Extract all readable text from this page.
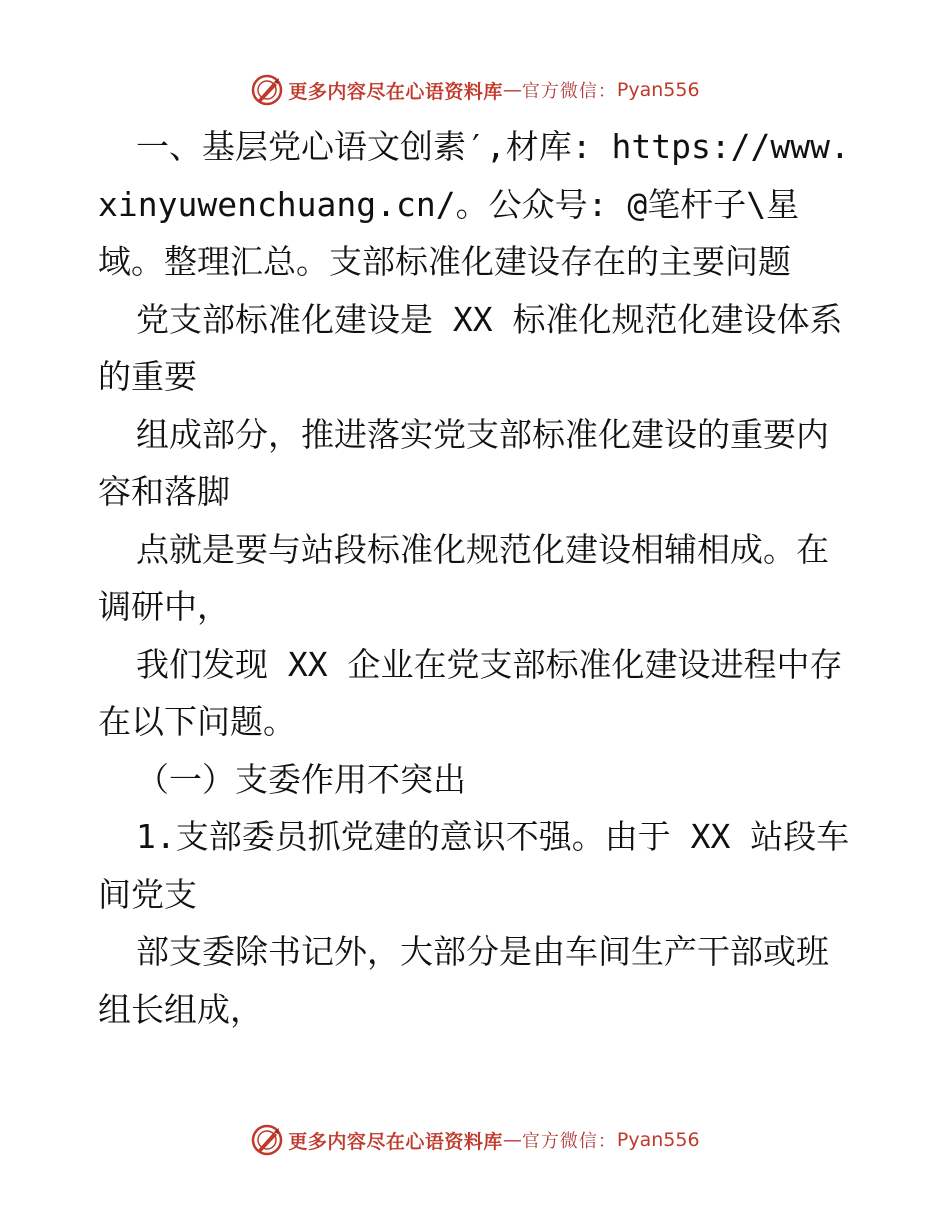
更多内容尽在心语资料库 — 官方微信： Pyan556

一、基层党心语文创素′,材库: https://www.xinyuwenchuang.cn/。公众号: @笔杆子\星域。整理汇总。支部标准化建设存在的主要问题

党支部标准化建设是 XX 标准化规范化建设体系的重要

组成部分，推进落实党支部标准化建设的重要内容和落脚

点就是要与站段标准化规范化建设相辅相成。在调研中，

我们发现 XX 企业在党支部标准化建设进程中存在以下问题。

（一）支委作用不突出

1.支部委员抓党建的意识不强。由于 XX 站段车间党支

部支委除书记外，大部分是由车间生产干部或班组长组成，

更多内容尽在心语资料库 — 官方微信： Pyan556
